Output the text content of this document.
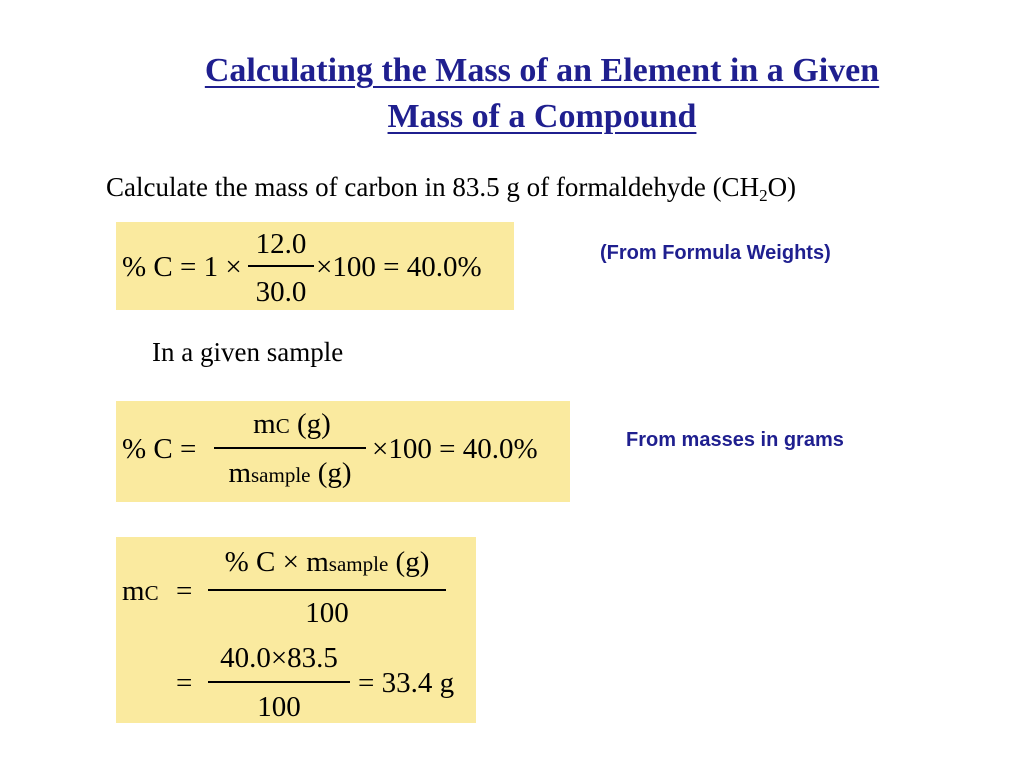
Calculating the Mass of an Element in a Given
Mass of a Compound
Calculate the mass of carbon in 83.5 g of formaldehyde $(CH_2O)$
% C = 1 ×
12.0
30.0
×100 = 40.0%	(From Formula Weights)
In a given sample
% C =
mC (g)
msample (g)
×100 = 40.0%	From masses in grams
mC =
% C × msample (g)
100
=
40.0×83.5
100
= 33.4 g
